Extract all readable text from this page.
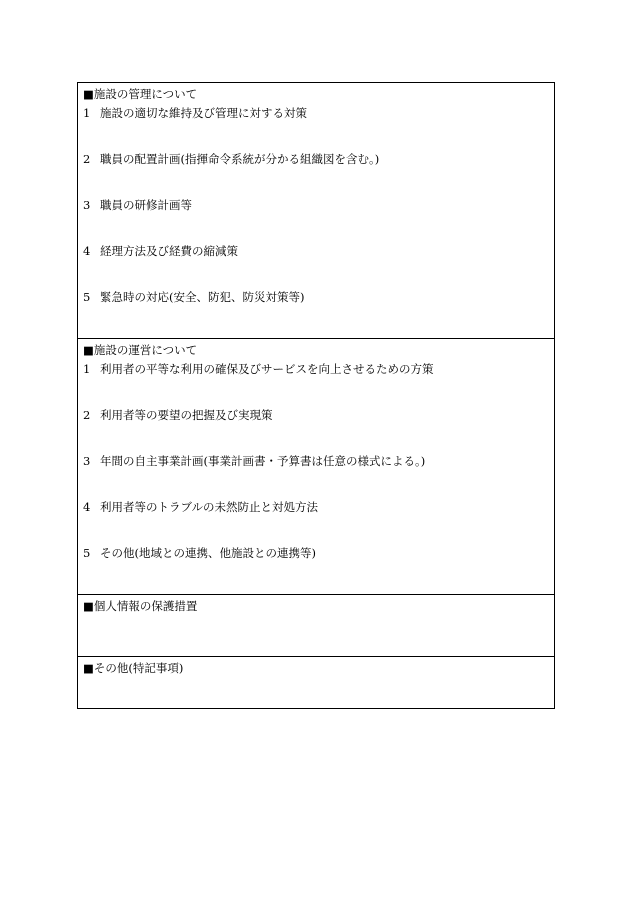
■施設の管理について
1 施設の適切な維持及び管理に対する対策
2 職員の配置計画(指揮命令系統が分かる組織図を含む。)
3 職員の研修計画等
4 経理方法及び経費の縮減策
5 緊急時の対応(安全、防犯、防災対策等)
■施設の運営について
1 利用者の平等な利用の確保及びサービスを向上させるための方策
2 利用者等の要望の把握及び実現策
3 年間の自主事業計画(事業計画書・予算書は任意の様式による。)
4 利用者等のトラブルの未然防止と対処方法
5 その他(地域との連携、他施設との連携等)
■個人情報の保護措置
■その他(特記事項)
